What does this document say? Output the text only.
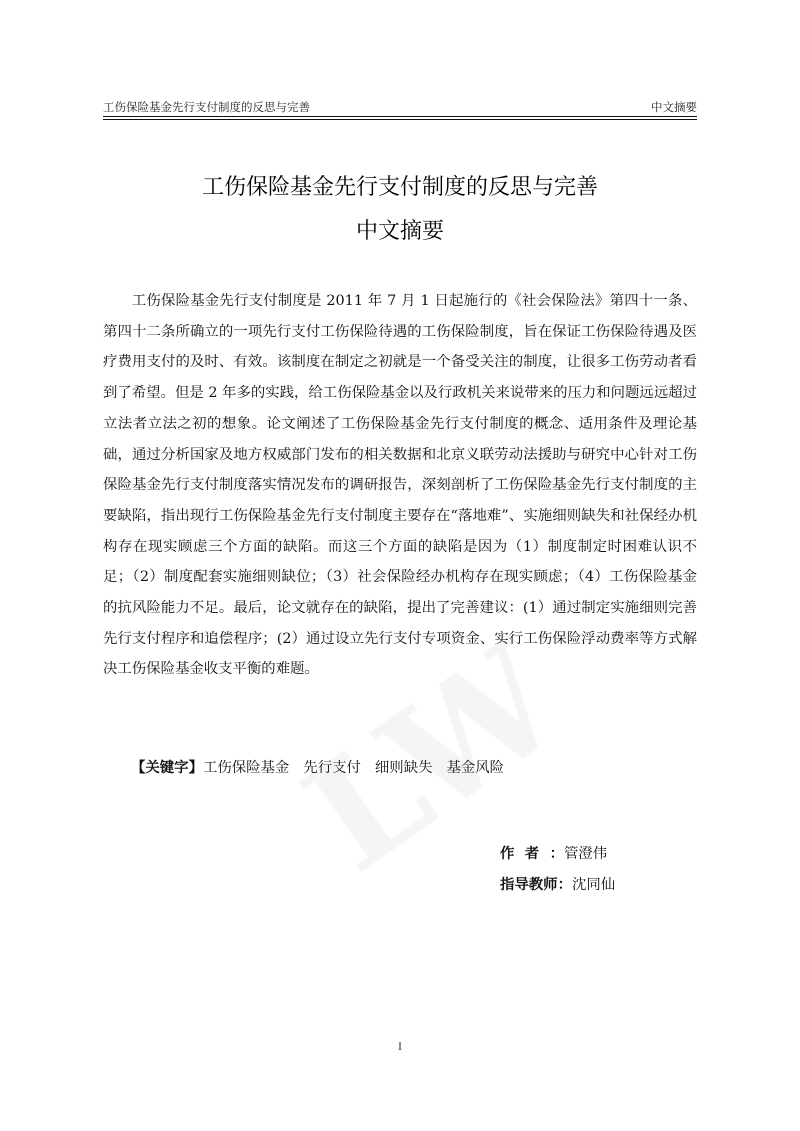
工伤保险基金先行支付制度的反思与完善	中文摘要
工伤保险基金先行支付制度的反思与完善
中文摘要

工伤保险基金先行支付制度是 2011 年 7 月 1 日起施行的《社会保险法》第四十一条、第四十二条所确立的一项先行支付工伤保险待遇的工伤保险制度，旨在保证工伤保险待遇及医疗费用支付的及时、有效。该制度在制定之初就是一个备受关注的制度，让很多工伤劳动者看到了希望。但是 2 年多的实践，给工伤保险基金以及行政机关来说带来的压力和问题远远超过立法者立法之初的想象。论文阐述了工伤保险基金先行支付制度的概念、适用条件及理论基础，通过分析国家及地方权威部门发布的相关数据和北京义联劳动法援助与研究中心针对工伤保险基金先行支付制度落实情况发布的调研报告，深刻剖析了工伤保险基金先行支付制度的主要缺陷，指出现行工伤保险基金先行支付制度主要存在“落地难”、实施细则缺失和社保经办机构存在现实顾虑三个方面的缺陷。而这三个方面的缺陷是因为（1）制度制定时困难认识不足；（2）制度配套实施细则缺位；（3）社会保险经办机构存在现实顾虑；（4）工伤保险基金的抗风险能力不足。最后，论文就存在的缺陷，提出了完善建议：(1）通过制定实施细则完善先行支付程序和追偿程序；(2）通过设立先行支付专项资金、实行工伤保险浮动费率等方式解决工伤保险基金收支平衡的难题。

【关键字】工伤保险基金 先行支付 细则缺失 基金风险
作者：管澄伟
指导教师：沈同仙
I
